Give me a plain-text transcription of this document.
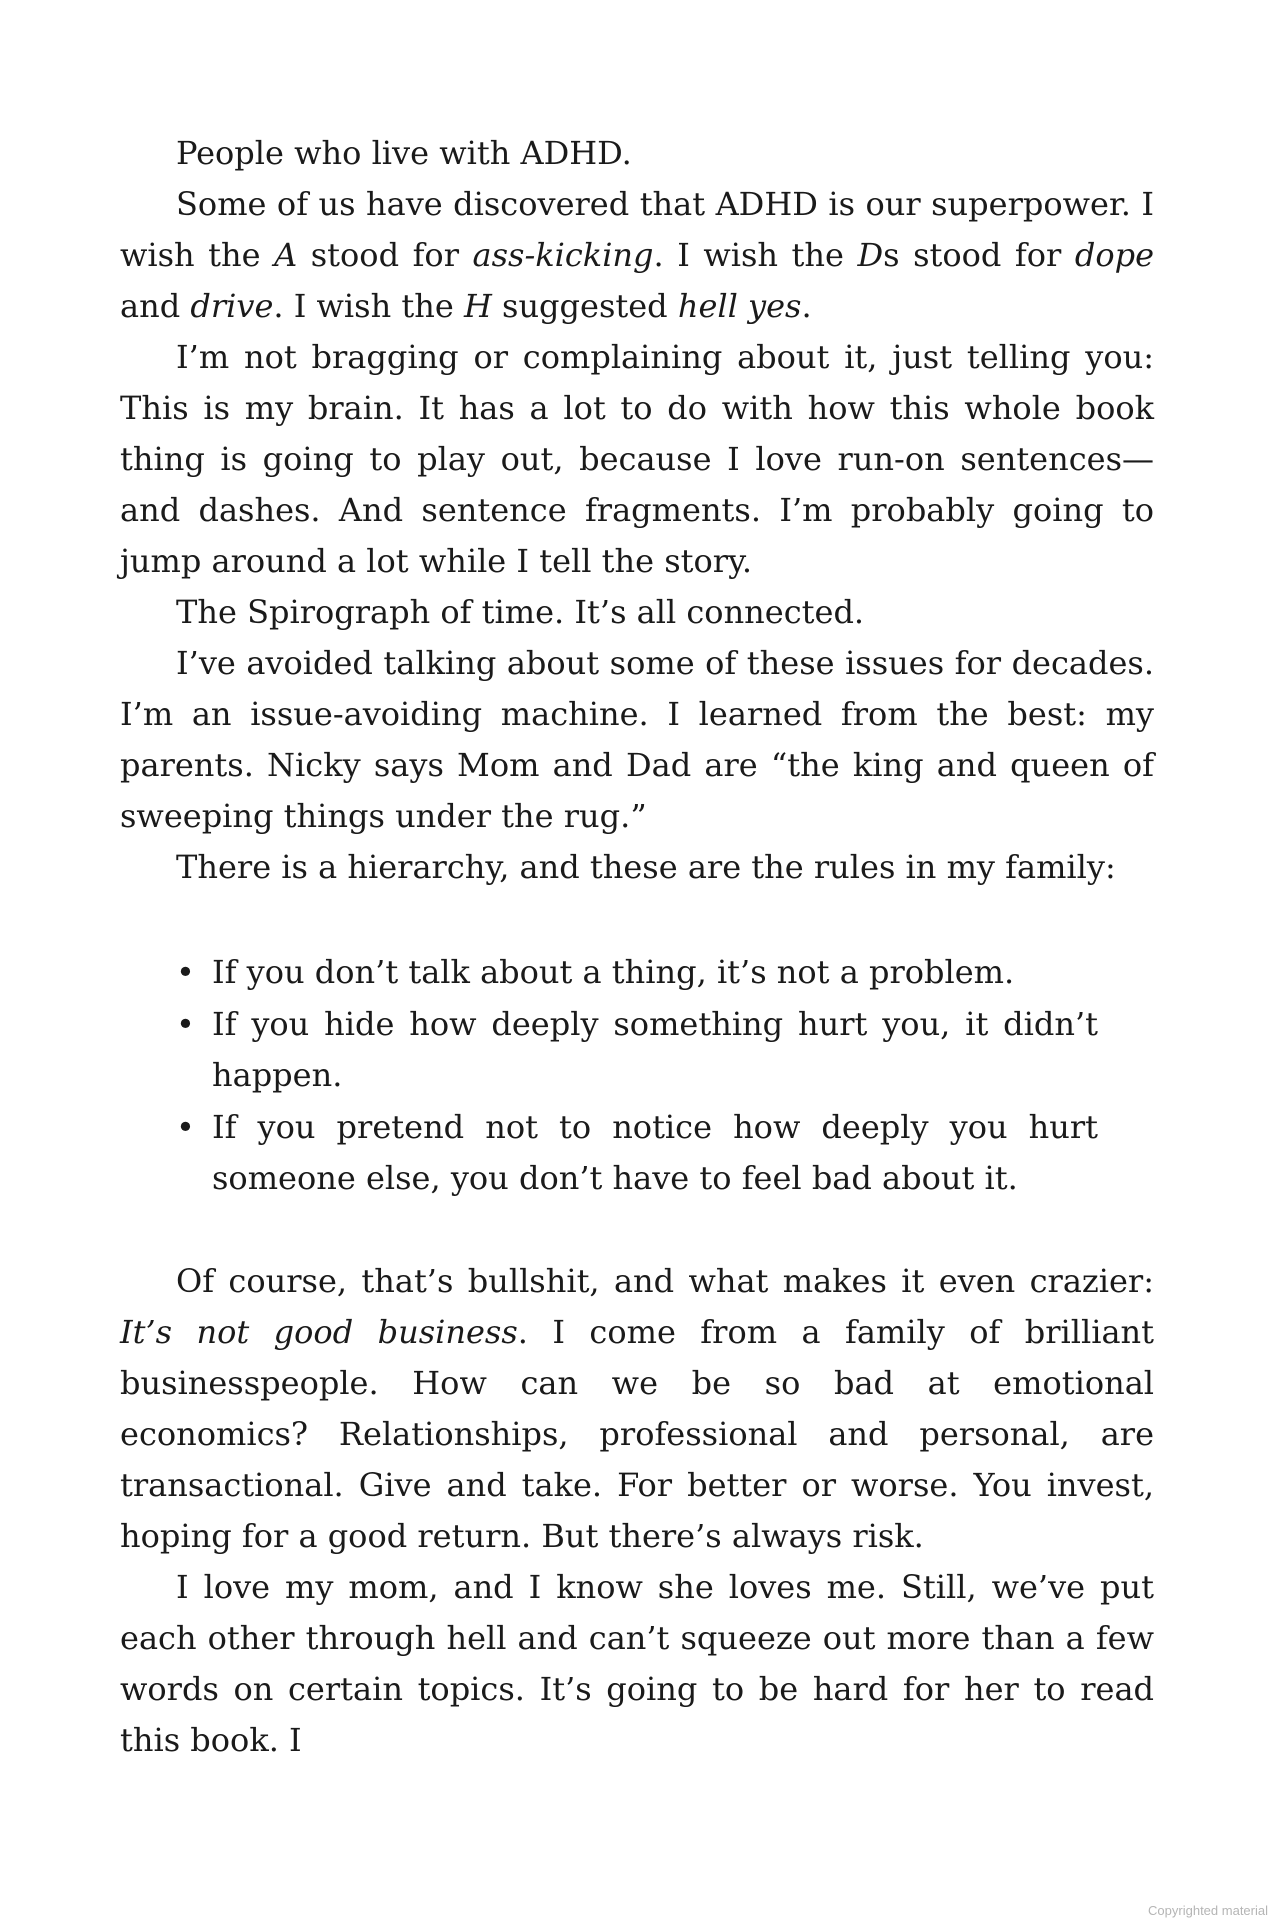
People who live with ADHD.

Some of us have discovered that ADHD is our superpower. I wish the A stood for ass-kicking. I wish the Ds stood for dope and drive. I wish the H suggested hell yes.

I’m not bragging or complaining about it, just telling you: This is my brain. It has a lot to do with how this whole book thing is going to play out, because I love run-on sentences—and dashes. And sentence fragments. I’m probably going to jump around a lot while I tell the story.

The Spirograph of time. It’s all connected.

I’ve avoided talking about some of these issues for decades. I’m an issue-avoiding machine. I learned from the best: my parents. Nicky says Mom and Dad are “the king and queen of sweeping things under the rug.”

There is a hierarchy, and these are the rules in my family:

• If you don’t talk about a thing, it’s not a problem.
• If you hide how deeply something hurt you, it didn’t happen.
• If you pretend not to notice how deeply you hurt someone else, you don’t have to feel bad about it.

Of course, that’s bullshit, and what makes it even crazier: It’s not good business. I come from a family of brilliant businesspeople. How can we be so bad at emotional economics? Relationships, professional and personal, are transactional. Give and take. For better or worse. You invest, hoping for a good return. But there’s always risk.

I love my mom, and I know she loves me. Still, we’ve put each other through hell and can’t squeeze out more than a few words on certain topics. It’s going to be hard for her to read this book. I

Copyrighted material
